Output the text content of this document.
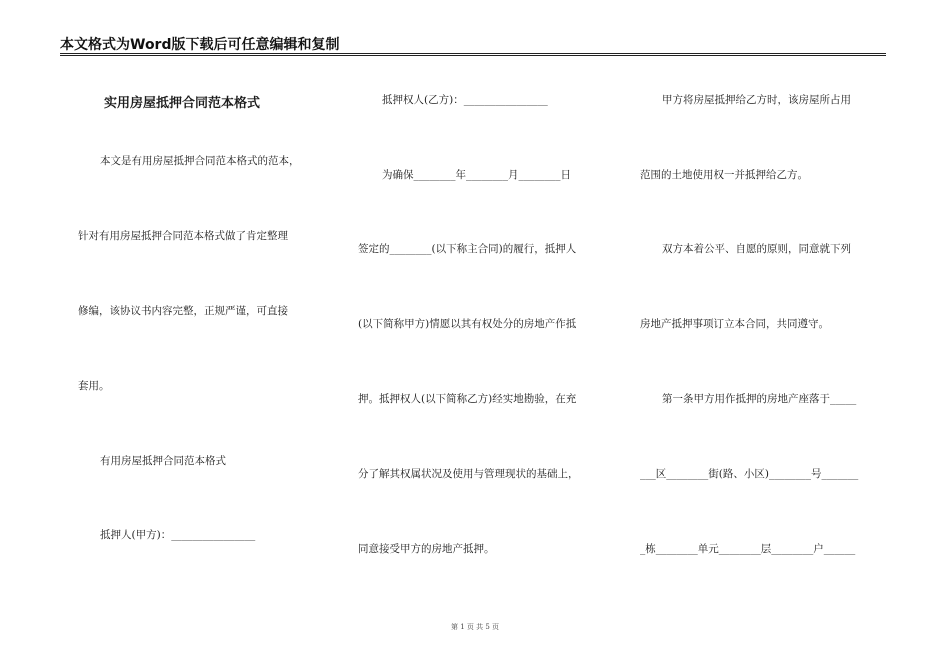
本文格式为Word版下载后可任意编辑和复制
实用房屋抵押合同范本格式
本文是有用房屋抵押合同范本格式的范本，
针对有用房屋抵押合同范本格式做了肯定整理
修编，该协议书内容完整，正规严谨，可直接
套用。
有用房屋抵押合同范本格式
抵押人(甲方)：________________
抵押权人(乙方)：________________
为确保________年________月________日
签定的________(以下称主合同)的履行，抵押人
(以下简称甲方)情愿以其有权处分的房地产作抵
押。抵押权人(以下简称乙方)经实地勘验，在充
分了解其权属状况及使用与管理现状的基础上，
同意接受甲方的房地产抵押。
甲方将房屋抵押给乙方时，该房屋所占用
范围的土地使用权一并抵押给乙方。
双方本着公平、自愿的原则，同意就下列
房地产抵押事项订立本合同，共同遵守。
第一条甲方用作抵押的房地产座落于_____
___区________街(路、小区)________号_______
_栋________单元________层________户______
第 1 页 共 5 页
